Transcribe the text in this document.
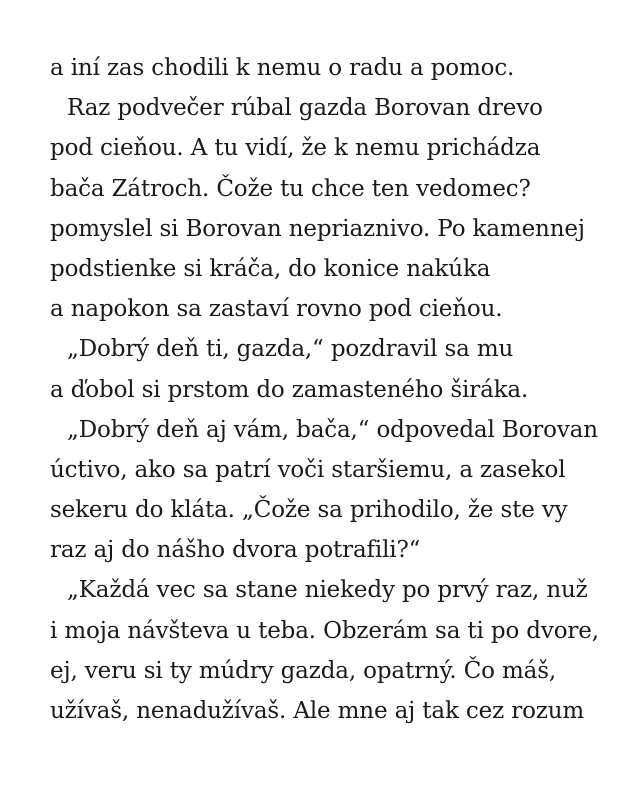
a iní zas chodili k nemu o radu a pomoc.
Raz podvečer rúbal gazda Borovan drevo
pod cieňou. A tu vidí, že k nemu prichádza
bača Zátroch. Čože tu chce ten vedomec?
pomyslel si Borovan nepriaznivo. Po kamennej
podstienke si kráča, do konice nakúka
a napokon sa zastaví rovno pod cieňou.
„Dobrý deň ti, gazda,“ pozdravil sa mu
a ďobol si prstom do zamasteného širáka.
„Dobrý deň aj vám, bača,“ odpovedal Borovan
úctivo, ako sa patrí voči staršiemu, a zasekol
sekeru do kláta. „Čože sa prihodilo, že ste vy
raz aj do nášho dvora potrafili?“
„Každá vec sa stane niekedy po prvý raz, nuž
i moja návšteva u teba. Obzerám sa ti po dvore,
ej, veru si ty múdry gazda, opatrný. Čo máš,
užívaš, nenadužívaš. Ale mne aj tak cez rozum
